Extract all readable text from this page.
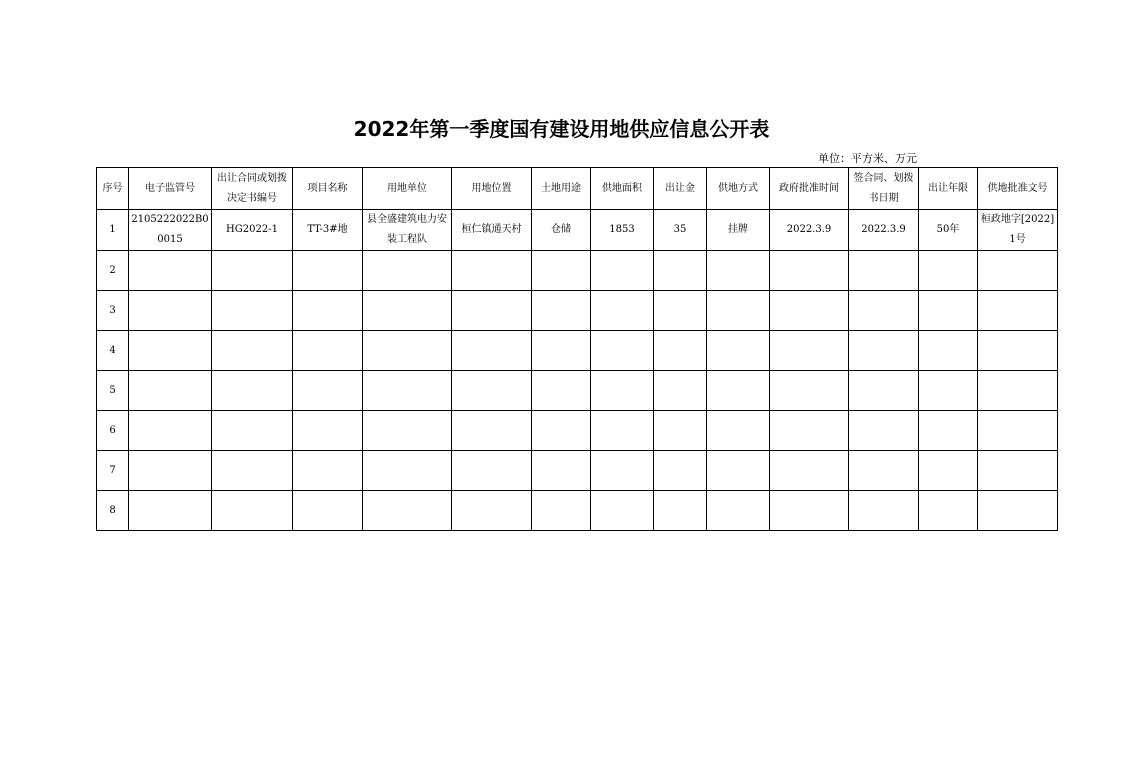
2022年第一季度国有建设用地供应信息公开表
单位：平方米、万元
序号	电子监管号	出让合同或划拨决定书编号	项目名称	用地单位	用地位置	土地用途	供地面积	出让金	供地方式	政府批准时间	签合同、划拨书日期	出让年限	供地批准文号
1	2105222022B00015	HG2022-1	TT-3#地	县全盛建筑电力安装工程队	桓仁镇通天村	仓储	1853	35	挂牌	2022.3.9	2022.3.9	50年	桓政地字[2022]1号
2													
3													
4													
5													
6													
7													
8													
